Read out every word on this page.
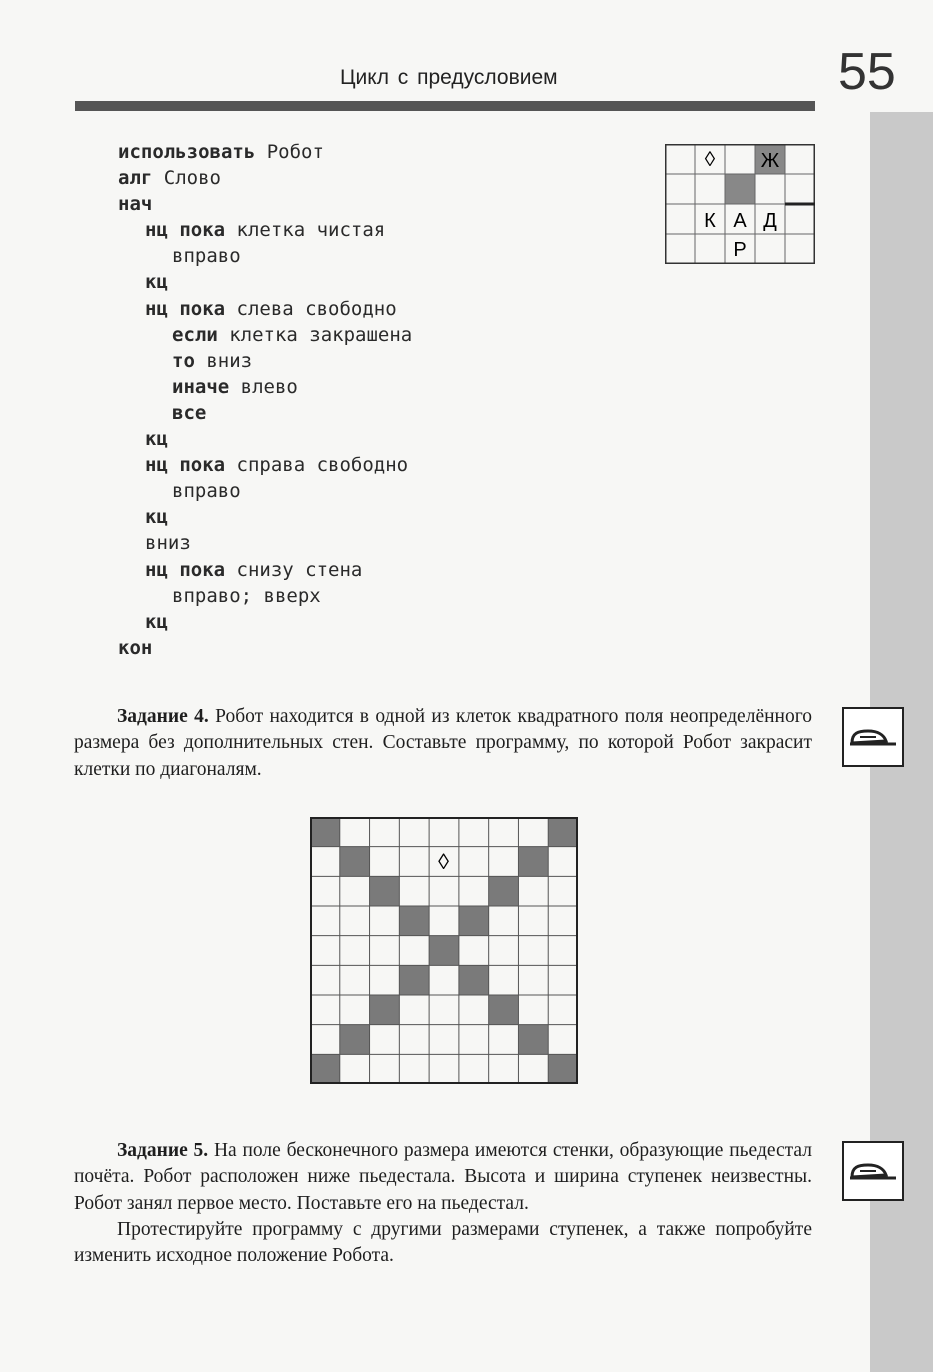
Цикл с предусловием	55
использовать Робот
алг Слово
нач
нц пока клетка чистая
вправо
кц
нц пока слева свободно
если клетка закрашена
то вниз
иначе влево
все
кц
нц пока справа свободно
вправо
кц
вниз
нц пока снизу стена
вправо; вверх
кц
кон
◊ Ж
К А Д
Р

Задание 4. Робот находится в одной из клеток квадратного поля неопределённого размера без дополнительных стен. Составьте программу, по которой Робот закрасит клетки по диагоналям.

◊

Задание 5. На поле бесконечного размера имеются стенки, образующие пьедестал почёта. Робот расположен ниже пьедестала. Высота и ширина ступенек неизвестны. Робот занял первое место. Поставьте его на пьедестал.

Протестируйте программу с другими размерами ступенек, а также попробуйте изменить исходное положение Робота.
